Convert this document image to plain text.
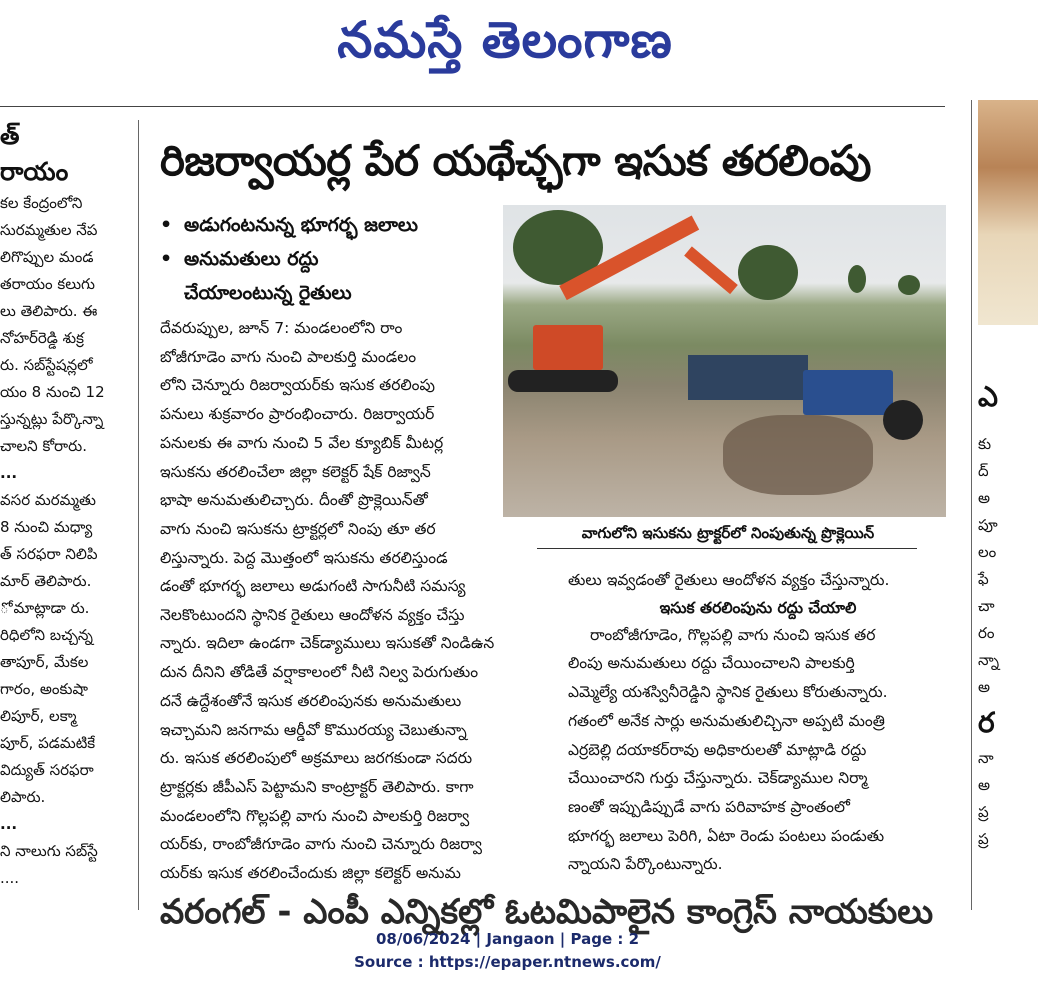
నమస్తే తెలంగాణ
త్
రాయం
కల కేంద్రంలోని
సురమ్మతుల నేప
లిగొప్పుల మండ
తరాయం కలుగు
లు తెలిపారు. ఈ
నోహర్‌రెడ్డి శుక్ర
రు. సబ్‌స్టేషన్లలో
యం 8 నుంచి 12
స్తున్నట్లు పేర్కొన్నా
చాలని కోరారు.
...
వసర మరమ్మతు
8 నుంచి మధ్యా
త్ సరఫరా నిలిపి
మార్ తెలిపారు.
ో మాట్లాడా రు.
రిధిలోని బచ్చన్న
తాపూర్, మేకల
గారం, అంకుషా
లిపూర్, లక్మా
పూర్, పడమటికే
విద్యుత్ సరఫరా
లిపారు.
...
ని నాలుగు సబ్‌స్టే
....
ఎ
కు
ద్
అ
పూ
లం
ఫే
చా
రం
న్నా
అ
ర
నా
అ
ప్ర
ప్ర
రిజర్వాయర్ల పేర యథేచ్ఛగా ఇసుక తరలింపు
• అడుగంటనున్న భూగర్భ జలాలు
• అనుమతులు రద్దు
చేయాలంటున్న రైతులు
వాగులోని ఇసుకను ట్రాక్టర్‌లో నింపుతున్న ప్రొక్లెయిన్
దేవరుప్పుల, జూన్ 7: మండలంలోని రాం
బోజీగూడెం వాగు నుంచి పాలకుర్తి మండలం
లోని చెన్నూరు రిజర్వాయర్‌కు ఇసుక తరలింపు
పనులు శుక్రవారం ప్రారంభించారు. రిజర్వాయర్
పనులకు ఈ వాగు నుంచి 5 వేల క్యూబిక్ మీటర్ల
ఇసుకను తరలించేలా జిల్లా కలెక్టర్ షేక్ రిజ్వాన్
భాషా అనుమతులిచ్చారు. దీంతో ప్రొక్లెయిన్‌తో
వాగు నుంచి ఇసుకను ట్రాక్టర్లలో నింపు తూ తర
లిస్తున్నారు. పెద్ద మొత్తంలో ఇసుకను తరలిస్తుండ
డంతో భూగర్భ జలాలు అడుగంటి సాగునీటి సమస్య
నెలకొంటుందని స్థానిక రైతులు ఆందోళన వ్యక్తం చేస్తు
న్నారు. ఇదిలా ఉండగా చెక్‌డ్యాములు ఇసుకతో నిండిఉన
దున దీనిని తోడితే వర్షాకాలంలో నీటి నిల్వ పెరుగుతుం
దనే ఉద్దేశంతోనే ఇసుక తరలింపునకు అనుమతులు
ఇచ్చామని జనగామ ఆర్డీవో కొమురయ్య చెబుతున్నా
రు. ఇసుక తరలింపులో అక్రమాలు జరగకుండా సదరు
ట్రాక్టర్లకు జీపీఎస్ పెట్టామని కాంట్రాక్టర్ తెలిపారు. కాగా
మండలంలోని గొల్లపల్లి వాగు నుంచి పాలకుర్తి రిజర్వా
యర్‌కు, రాంబోజీగూడెం వాగు నుంచి చెన్నూరు రిజర్వా
యర్‌కు ఇసుక తరలించేందుకు జిల్లా కలెక్టర్ అనుమ
తులు ఇవ్వడంతో రైతులు ఆందోళన వ్యక్తం చేస్తున్నారు.
ఇసుక తరలింపును రద్దు చేయాలి
రాంబోజీగూడెం, గొల్లపల్లి వాగు నుంచి ఇసుక తర
లింపు అనుమతులు రద్దు చేయించాలని పాలకుర్తి
ఎమ్మెల్యే యశస్వినీరెడ్డిని స్థానిక రైతులు కోరుతున్నారు.
గతంలో అనేక సార్లు అనుమతులిచ్చినా అప్పటి మంత్రి
ఎర్రబెల్లి దయాకర్‌రావు అధికారులతో మాట్లాడి రద్దు
చేయించారని గుర్తు చేస్తున్నారు. చెక్‌డ్యాముల నిర్మా
ణంతో ఇప్పుడిప్పుడే వాగు పరివాహక ప్రాంతంలో
భూగర్భ జలాలు పెరిగి, ఏటా రెండు పంటలు పండుతు
న్నాయని పేర్కొంటున్నారు.
వరంగల్ - ఎంపీ ఎన్నికల్లో ఓటమిపాలైన కాంగ్రెస్ నాయకులు
08/06/2024 | Jangaon | Page : 2
Source : https://epaper.ntnews.com/
